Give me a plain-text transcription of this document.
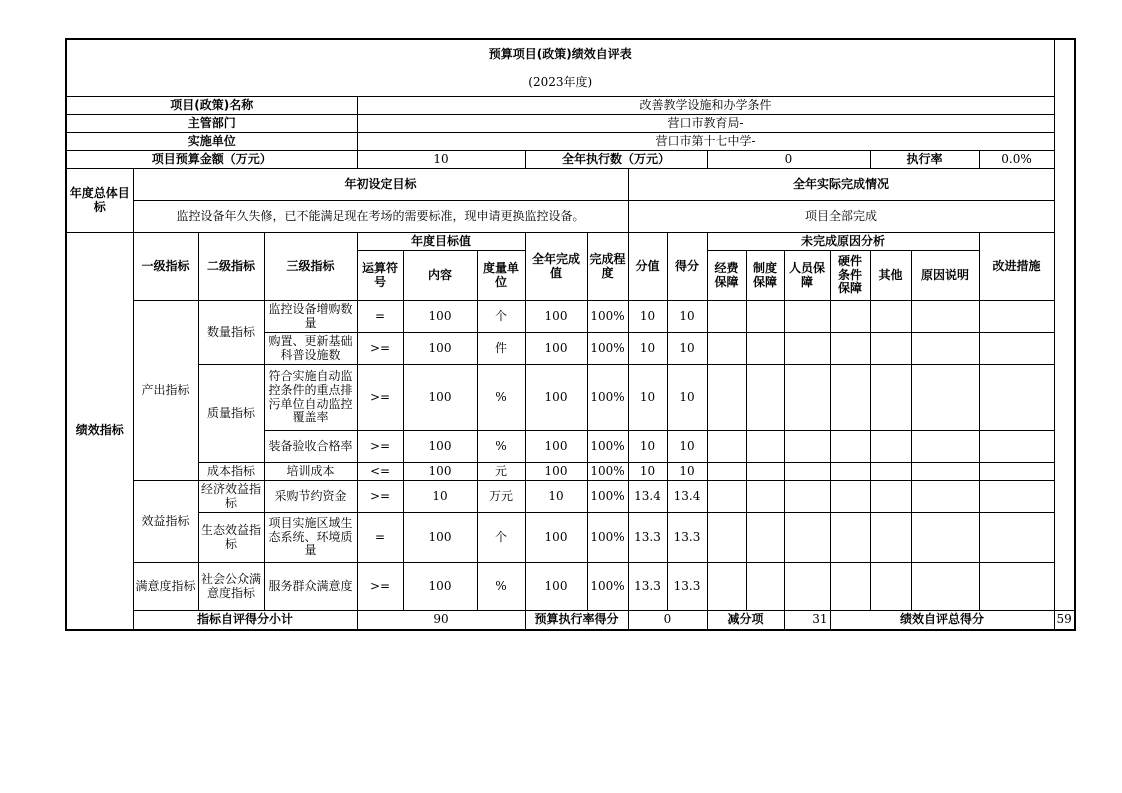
预算项目(政策)绩效自评表																		
(2023年度)																		
项目(政策)名称				改善教学设施和办学条件														
主管部门				营口市教育局-														
实施单位				营口市第十七中学-														
项目预算金额（万元）				10			全年执行数（万元）				0				执行率		0.0%	
年度总体目标	年初设定目标								全年实际完成情况									
	监控设备年久失修，已不能满足现在考场的需要标准，现申请更换监控设备。								项目全部完成									
绩效指标	一级指标	二级指标	三级指标	年度目标值			全年完成值	完成程度	分值	得分	未完成原因分析						改进措施	
				运算符号	内容	度量单位					经费保障	制度保障	人员保障	硬件条件保障	其他	原因说明		
	产出指标	数量指标	监控设备增购数量	=	100	个	100	100%	10	10								
			购置、更新基础科普设施数	>=	100	件	100	100%	10	10								
		质量指标	符合实施自动监控条件的重点排污单位自动监控覆盖率	>=	100	%	100	100%	10	10								
			装备验收合格率	>=	100	%	100	100%	10	10								
		成本指标	培训成本	<=	100	元	100	100%	10	10								
	效益指标	经济效益指标	采购节约资金	>=	10	万元	10	100%	13.4	13.4								
		生态效益指标	项目实施区域生态系统、环境质量	=	100	个	100	100%	13.3	13.3								
	满意度指标	社会公众满意度指标	服务群众满意度	>=	100	%	100	100%	13.3	13.3								
	指标自评得分小计			90			预算执行率得分		0		减分项		31	绩效自评总得分				59
